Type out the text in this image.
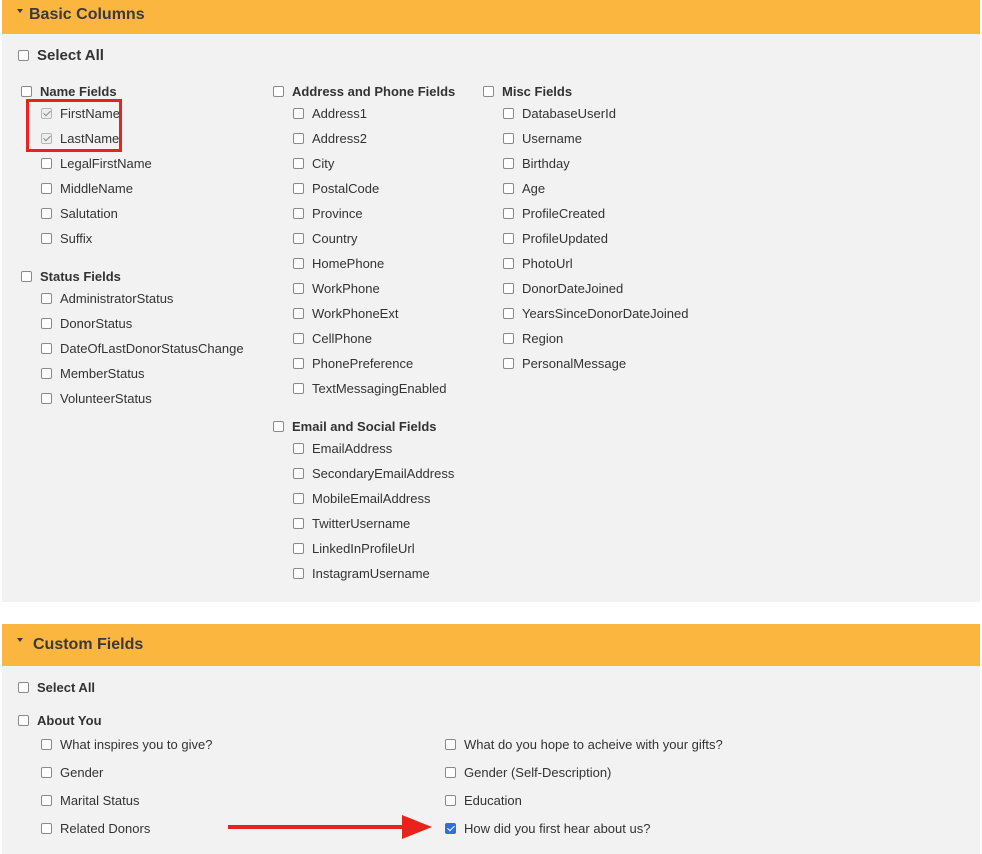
Basic Columns
Select All
Name Fields
FirstName
LastName
LegalFirstName
MiddleName
Salutation
Suffix
Status Fields
AdministratorStatus
DonorStatus
DateOfLastDonorStatusChange
MemberStatus
VolunteerStatus
Address and Phone Fields
Address1
Address2
City
PostalCode
Province
Country
HomePhone
WorkPhone
WorkPhoneExt
CellPhone
PhonePreference
TextMessagingEnabled
Email and Social Fields
EmailAddress
SecondaryEmailAddress
MobileEmailAddress
TwitterUsername
LinkedInProfileUrl
InstagramUsername
Misc Fields
DatabaseUserId
Username
Birthday
Age
ProfileCreated
ProfileUpdated
PhotoUrl
DonorDateJoined
YearsSinceDonorDateJoined
Region
PersonalMessage
Custom Fields
Select All
About You
What inspires you to give?
Gender
Marital Status
Related Donors
What do you hope to acheive with your gifts?
Gender (Self-Description)
Education
How did you first hear about us?
